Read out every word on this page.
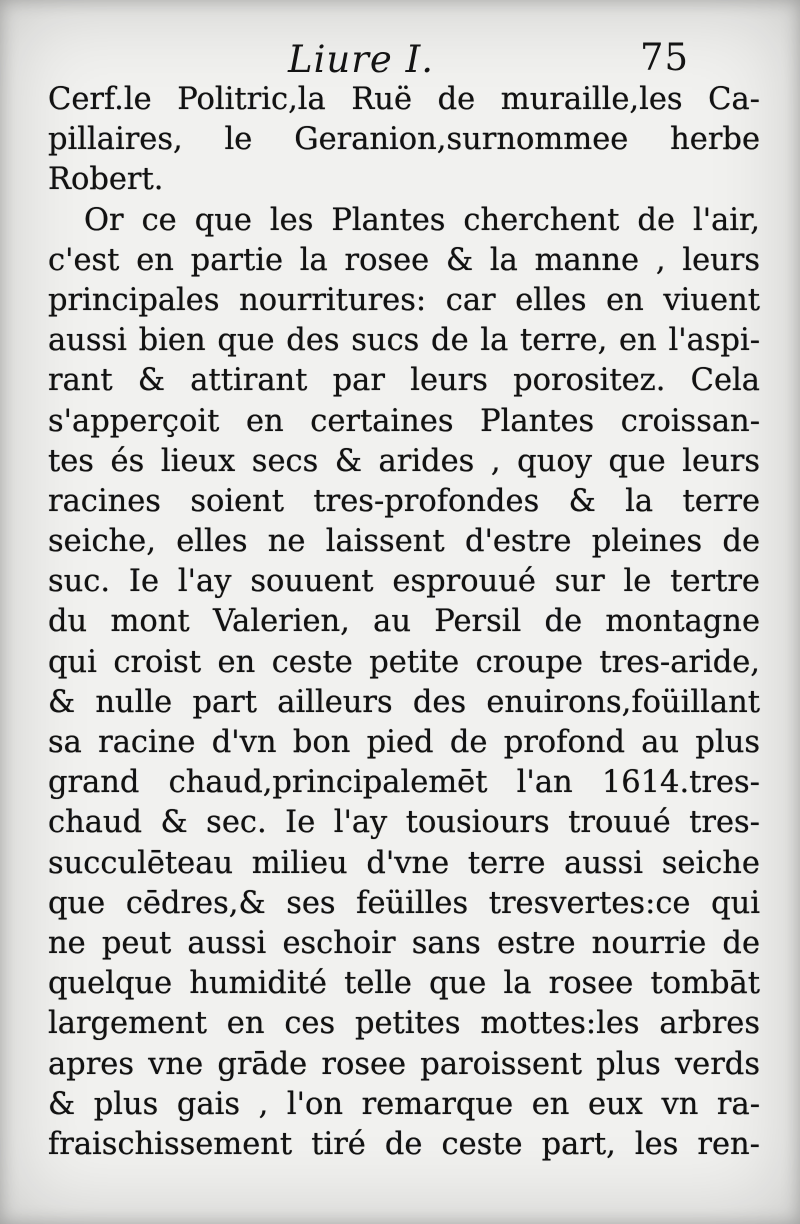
Liure I.	75
Cerf.le Politric,la Ruë de muraille,les Ca-
pillaires, le Geranion,surnommee herbe
Robert.
Or ce que les Plantes cherchent de l'air,
c'est en partie la rosee & la manne , leurs
principales nourritures: car elles en viuent
aussi bien que des sucs de la terre, en l'aspi-
rant & attirant par leurs porositez. Cela
s'apperçoit en certaines Plantes croissan-
tes és lieux secs & arides , quoy que leurs
racines soient tres-profondes & la terre
seiche, elles ne laissent d'estre pleines de
suc. Ie l'ay souuent esprouué sur le tertre
du mont Valerien, au Persil de montagne
qui croist en ceste petite croupe tres-aride,
& nulle part ailleurs des enuirons,foüillant
sa racine d'vn bon pied de profond au plus
grand chaud,principalemēt l'an 1614.tres-
chaud & sec. Ie l'ay tousiours trouué tres-
succulēteau milieu d'vne terre aussi seiche
que cēdres,& ses feüilles tresvertes:ce qui
ne peut aussi eschoir sans estre nourrie de
quelque humidité telle que la rosee tombāt
largement en ces petites mottes:les arbres
apres vne grāde rosee paroissent plus verds
& plus gais , l'on remarque en eux vn ra-
fraischissement tiré de ceste part, les ren-
